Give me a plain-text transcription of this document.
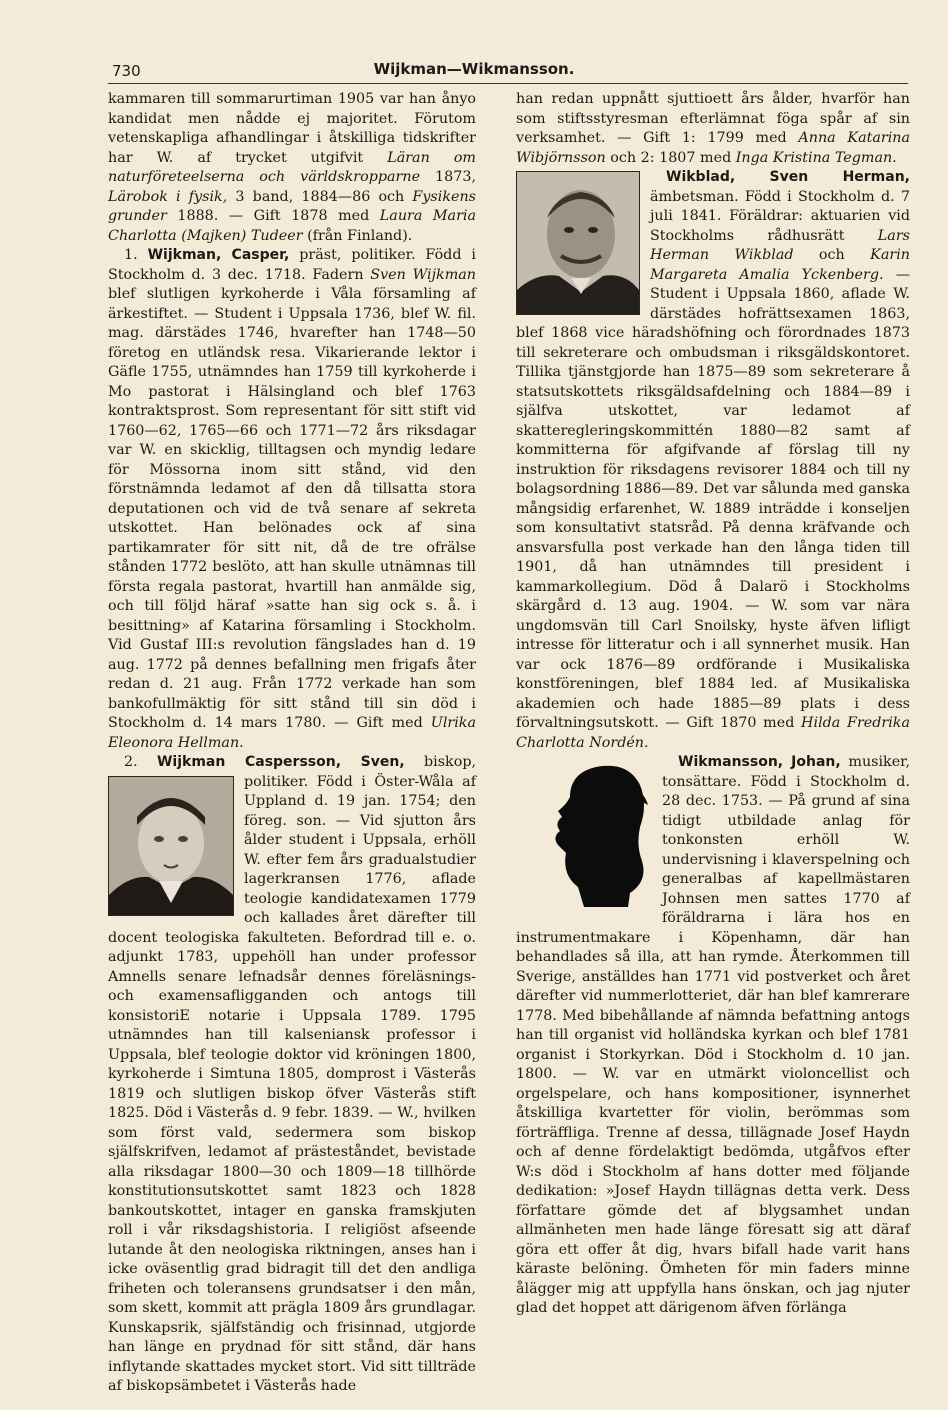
730	Wijkman—Wikmansson.

kammaren till sommarurtiman 1905 var han ånyo kandidat men nådde ej majoritet. Förutom vetenskapliga afhandlingar i åtskilliga tidskrifter har W. af trycket utgifvit Läran om naturföreteelserna och världskropparne 1873, Lärobok i fysik, 3 band, 1884—86 och Fysikens grunder 1888. — Gift 1878 med Laura Maria Charlotta (Majken) Tudeer (från Finland).

1. Wijkman, Casper, präst, politiker. Född i Stockholm d. 3 dec. 1718. Fadern Sven Wijkman blef slutligen kyrkoherde i Våla församling af ärkestiftet. — Student i Uppsala 1736, blef W. fil. mag. därstädes 1746, hvarefter han 1748—50 företog en utländsk resa. Vikarierande lektor i Gäfle 1755, utnämndes han 1759 till kyrkoherde i Mo pastorat i Hälsingland och blef 1763 kontraktsprost. Som representant för sitt stift vid 1760—62, 1765—66 och 1771—72 års riksdagar var W. en skicklig, tilltagsen och myndig ledare för Mössorna inom sitt stånd, vid den förstnämnda ledamot af den då tillsatta stora deputationen och vid de två senare af sekreta utskottet. Han belönades ock af sina partikamrater för sitt nit, då de tre ofrälse stånden 1772 beslöto, att han skulle utnämnas till första regala pastorat, hvartill han anmälde sig, och till följd häraf »satte han sig ock s. å. i besittning» af Katarina församling i Stockholm. Vid Gustaf III:s revolution fängslades han d. 19 aug. 1772 på dennes befallning men frigafs åter redan d. 21 aug. Från 1772 verkade han som bankofullmäktig för sitt stånd till sin död i Stockholm d. 14 mars 1780. — Gift med Ulrika Eleonora Hellman.

2. Wijkman Caspersson, Sven,
biskop, politiker. Född i Öster-Wåla af Uppland d. 19 jan. 1754; den föreg. son. — Vid sjutton års ålder student i Uppsala, erhöll W. efter fem års gradualstudier lagerkransen 1776, aflade teologie kandidatexamen 1779 och kallades året därefter till docent teologiska fakulteten. Befordrad till e. o. adjunkt 1783, uppehöll han under professor Amnells senare lefnadsår dennes föreläsnings- och examensafligganden och antogs till konsistoriE notarie i Uppsala 1789. 1795 utnämndes han till kalseniansk professor i Uppsala, blef teologie doktor vid kröningen 1800, kyrkoherde i Simtuna 1805, domprost i Västerås 1819 och slutligen biskop öfver Västerås stift 1825. Död i Västerås d. 9 febr. 1839. — W., hvilken som först vald, sedermera som biskop själfskrifven, ledamot af prästeståndet, bevistade alla riksdagar 1800—30 och 1809—18 tillhörde konstitutionsutskottet samt 1823 och 1828 bankoutskottet, intager en ganska framskjuten roll i vår riksdagshistoria. I religiöst afseende lutande åt den neologiska riktningen, anses han i icke oväsentlig grad bidragit till det den andliga friheten och toleransens grundsatser i den mån, som skett, kommit att prägla 1809 års grundlagar. Kunskapsrik, själfständig och frisinnad, utgjorde han länge en prydnad för sitt stånd, där hans inflytande skattades mycket stort. Vid sitt tillträde af biskopsämbetet i Västerås hade

han redan uppnått sjuttioett års ålder, hvarför han som stiftsstyresman efterlämnat föga spår af sin verksamhet. — Gift 1: 1799 med Anna Katarina Wibjörnsson och 2: 1807 med Inga Kristina Tegman.

Wikblad, Sven Herman,
ämbetsman. Född i Stockholm d. 7 juli 1841. Föräldrar: aktuarien vid Stockholms rådhusrätt Lars Herman Wikblad och Karin Margareta Amalia Yckenberg. — Student i Uppsala 1860, aflade W. därstädes hofrättsexamen 1863, blef 1868 vice häradshöfning och förordnades 1873 till sekreterare och ombudsman i riksgäldskontoret. Tillika tjänstgjorde han 1875—89 som sekreterare å statsutskottets riksgäldsafdelning och 1884—89 i själfva utskottet, var ledamot af skatteregleringskommittén 1880—82 samt af kommitterna för afgifvande af förslag till ny instruktion för riksdagens revisorer 1884 och till ny bolagsordning 1886—89. Det var sålunda med ganska mångsidig erfarenhet, W. 1889 inträdde i konseljen som konsultativt statsråd. På denna kräfvande och ansvarsfulla post verkade han den långa tiden till 1901, då han utnämndes till president i kammarkollegium. Död å Dalarö i Stockholms skärgård d. 13 aug. 1904. — W. som var nära ungdomsvän till Carl Snoilsky, hyste äfven lifligt intresse för litteratur och i all synnerhet musik. Han var ock 1876—89 ordförande i Musikaliska konstföreningen, blef 1884 led. af Musikaliska akademien och hade 1885—89 plats i dess förvaltningsutskott. — Gift 1870 med Hilda Fredrika Charlotta Nordén.

Wikmansson, Johan,
musiker, tonsättare. Född i Stockholm d. 28 dec. 1753. — På grund af sina tidigt utbildade anlag för tonkonsten erhöll W. undervisning i klaverspelning och generalbas af kapellmästaren Johnsen men sattes 1770 af föräldrarna i lära hos en instrumentmakare i Köpenhamn, där han behandlades så illa, att han rymde. Återkommen till Sverige, anställdes han 1771 vid postverket och året därefter vid nummerlotteriet, där han blef kamrerare 1778. Med bibehållande af nämnda befattning antogs han till organist vid holländska kyrkan och blef 1781 organist i Storkyrkan. Död i Stockholm d. 10 jan. 1800. — W. var en utmärkt violoncellist och orgelspelare, och hans kompositioner, isynnerhet åtskilliga kvartetter för violin, berömmas som förträffliga. Trenne af dessa, tillägnade Josef Haydn och af denne fördelaktigt bedömda, utgåfvos efter W:s död i Stockholm af hans dotter med följande dedikation: »Josef Haydn tillägnas detta verk. Dess författare gömde det af blygsamhet undan allmänheten men hade länge föresatt sig att däraf göra ett offer åt dig, hvars bifall hade varit hans käraste belöning. Ömheten för min faders minne ålägger mig att uppfylla hans önskan, och jag njuter glad det hoppet att därigenom äfven förlänga
